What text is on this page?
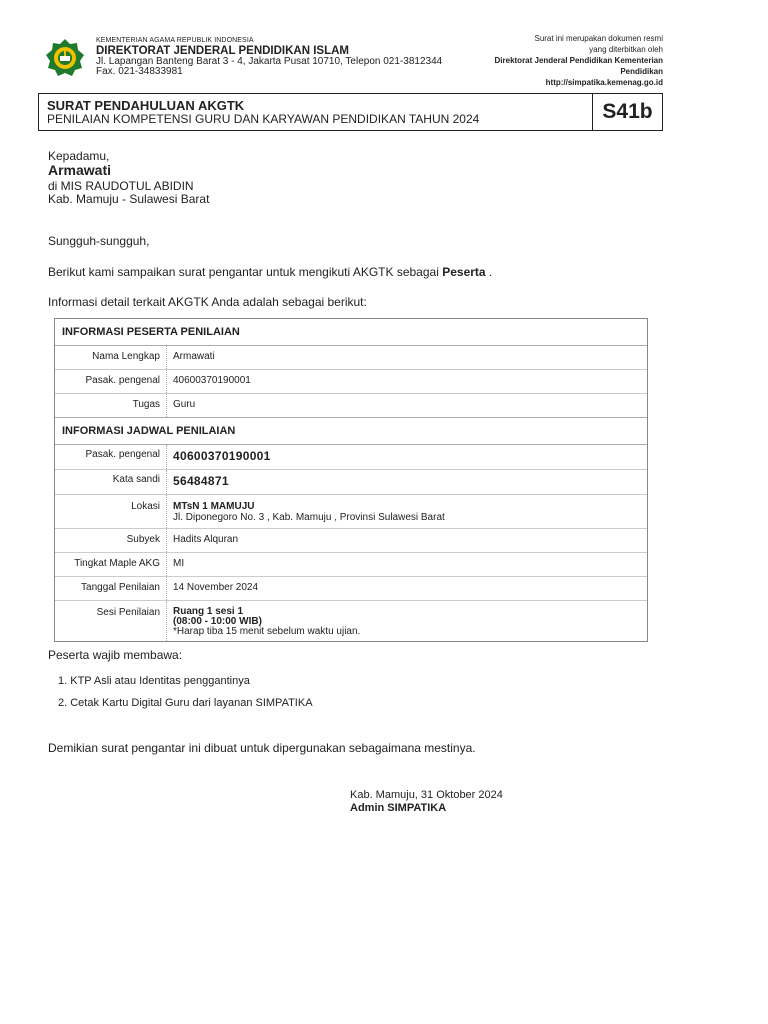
KEMENTERIAN AGAMA REPUBLIK INDONESIA
DIREKTORAT JENDERAL PENDIDIKAN ISLAM
Jl. Lapangan Banteng Barat 3 - 4, Jakarta Pusat 10710, Telepon 021-3812344
Fax. 021-34833981
Surat ini merupakan dokumen resmi
yang diterbitkan oleh
Direktorat Jenderal Pendidikan Kementerian
Pendidikan
http://simpatika.kemenag.go.id
SURAT PENDAHULUAN AKGTK
PENILAIAN KOMPETENSI GURU DAN KARYAWAN PENDIDIKAN TAHUN 2024	S41b
Kepadamu,
Armawati
di MIS RAUDOTUL ABIDIN
Kab. Mamuju - Sulawesi Barat
Sungguh-sungguh,
Berikut kami sampaikan surat pengantar untuk mengikuti AKGTK sebagai Peserta .
Informasi detail terkait AKGTK Anda adalah sebagai berikut:
INFORMASI PESERTA PENILAIAN
Nama Lengkap	Armawati
Pasak. pengenal	40600370190001
Tugas	Guru
INFORMASI JADWAL PENILAIAN
Pasak. pengenal	40600370190001
Kata sandi	56484871
Lokasi	MTsN 1 MAMUJU
Jl. Diponegoro No. 3 , Kab. Mamuju , Provinsi Sulawesi Barat
Subyek	Hadits Alquran
Tingkat Maple AKG	MI
Tanggal Penilaian	14 November 2024
Sesi Penilaian	Ruang 1 sesi 1
(08:00 - 10:00 WIB)
*Harap tiba 15 menit sebelum waktu ujian.
Peserta wajib membawa:
1. KTP Asli atau Identitas penggantinya
2. Cetak Kartu Digital Guru dari layanan SIMPATIKA
Demikian surat pengantar ini dibuat untuk dipergunakan sebagaimana mestinya.
Kab. Mamuju, 31 Oktober 2024
Admin SIMPATIKA
